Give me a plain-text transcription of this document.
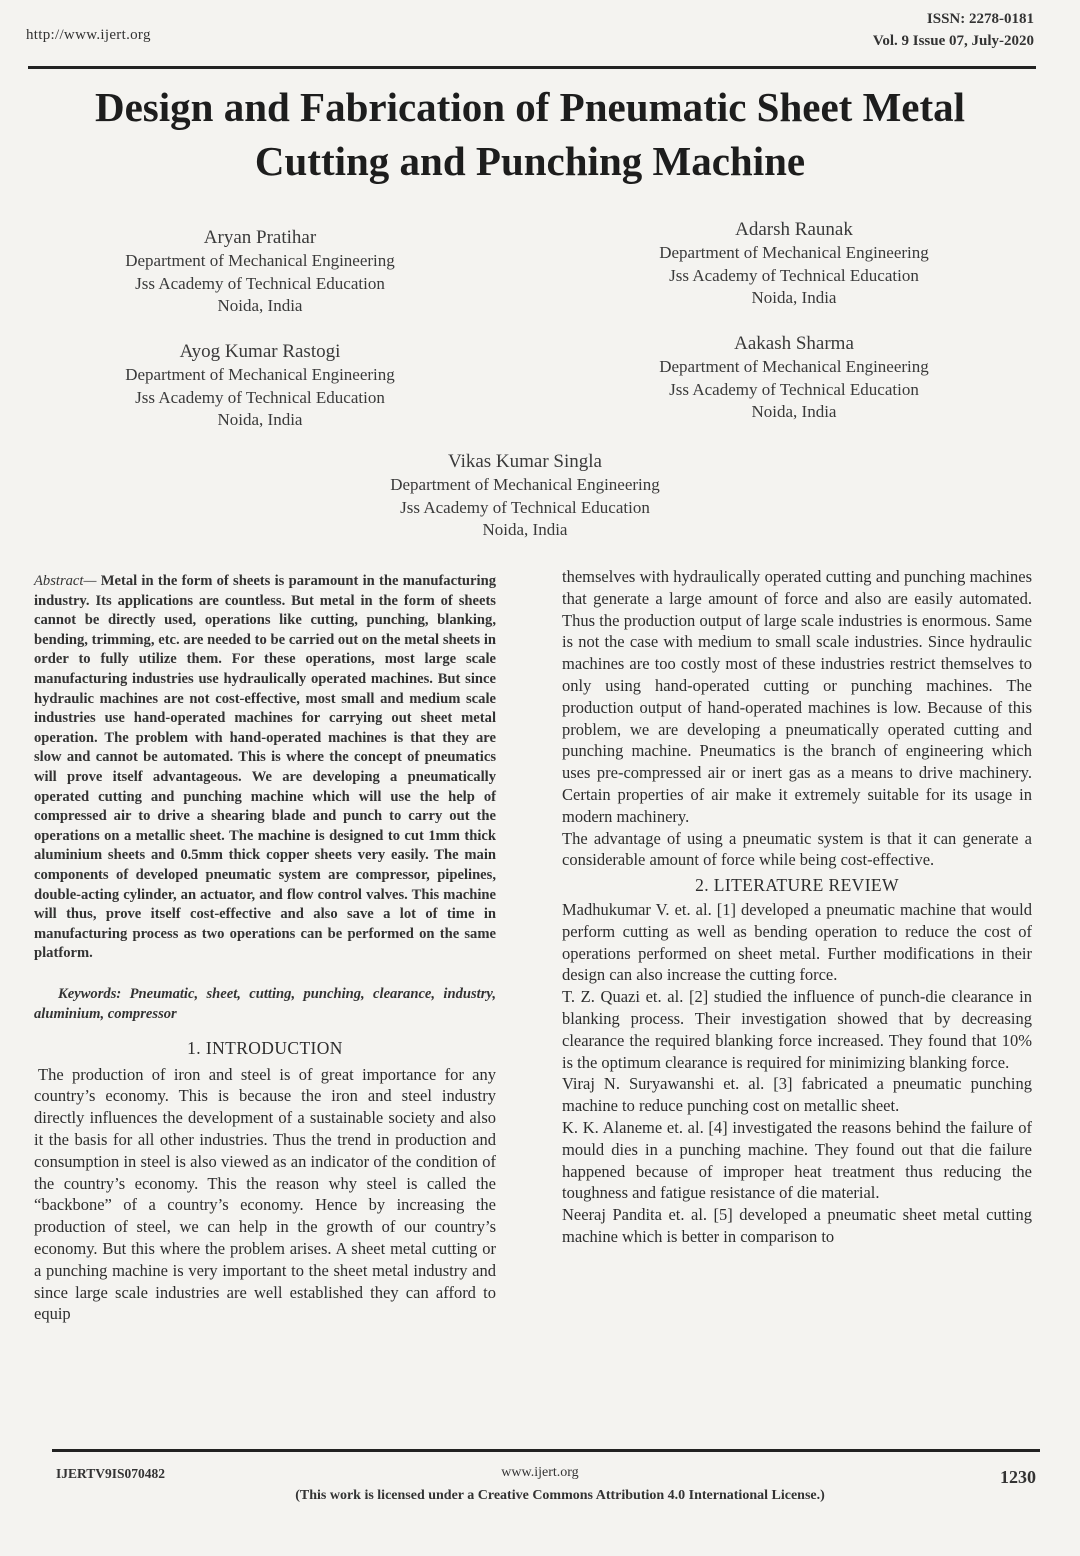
http://www.ijert.org
ISSN: 2278-0181
Vol. 9 Issue 07, July-2020
Design and Fabrication of Pneumatic Sheet Metal
Cutting and Punching Machine
Aryan Pratihar
Department of Mechanical Engineering
Jss Academy of Technical Education
Noida, India
Adarsh Raunak
Department of Mechanical Engineering
Jss Academy of Technical Education
Noida, India
Ayog Kumar Rastogi
Department of Mechanical Engineering
Jss Academy of Technical Education
Noida, India
Aakash Sharma
Department of Mechanical Engineering
Jss Academy of Technical Education
Noida, India
Vikas Kumar Singla
Department of Mechanical Engineering
Jss Academy of Technical Education
Noida, India

Abstract— Metal in the form of sheets is paramount in the manufacturing industry. Its applications are countless. But metal in the form of sheets cannot be directly used, operations like cutting, punching, blanking, bending, trimming, etc. are needed to be carried out on the metal sheets in order to fully utilize them. For these operations, most large scale manufacturing industries use hydraulically operated machines. But since hydraulic machines are not cost-effective, most small and medium scale industries use hand-operated machines for carrying out sheet metal operation. The problem with hand-operated machines is that they are slow and cannot be automated. This is where the concept of pneumatics will prove itself advantageous. We are developing a pneumatically operated cutting and punching machine which will use the help of compressed air to drive a shearing blade and punch to carry out the operations on a metallic sheet. The machine is designed to cut 1mm thick aluminium sheets and 0.5mm thick copper sheets very easily. The main components of developed pneumatic system are compressor, pipelines, double-acting cylinder, an actuator, and flow control valves. This machine will thus, prove itself cost-effective and also save a lot of time in manufacturing process as two operations can be performed on the same platform.

Keywords: Pneumatic, sheet, cutting, punching, clearance, industry, aluminium, compressor

1. INTRODUCTION

The production of iron and steel is of great importance for any country’s economy. This is because the iron and steel industry directly influences the development of a sustainable society and also it the basis for all other industries. Thus the trend in production and consumption in steel is also viewed as an indicator of the condition of the country’s economy. This the reason why steel is called the “backbone” of a country’s economy. Hence by increasing the production of steel, we can help in the growth of our country’s economy. But this where the problem arises. A sheet metal cutting or a punching machine is very important to the sheet metal industry and since large scale industries are well established they can afford to equip

themselves with hydraulically operated cutting and punching machines that generate a large amount of force and also are easily automated. Thus the production output of large scale industries is enormous. Same is not the case with medium to small scale industries. Since hydraulic machines are too costly most of these industries restrict themselves to only using hand-operated cutting or punching machines. The production output of hand-operated machines is low. Because of this problem, we are developing a pneumatically operated cutting and punching machine. Pneumatics is the branch of engineering which uses pre-compressed air or inert gas as a means to drive machinery. Certain properties of air make it extremely suitable for its usage in modern machinery.

The advantage of using a pneumatic system is that it can generate a considerable amount of force while being cost-effective.

2. LITERATURE REVIEW

Madhukumar V. et. al. [1] developed a pneumatic machine that would perform cutting as well as bending operation to reduce the cost of operations performed on sheet metal. Further modifications in their design can also increase the cutting force.

T. Z. Quazi et. al. [2] studied the influence of punch-die clearance in blanking process. Their investigation showed that by decreasing clearance the required blanking force increased. They found that 10% is the optimum clearance is required for minimizing blanking force.

Viraj N. Suryawanshi et. al. [3] fabricated a pneumatic punching machine to reduce punching cost on metallic sheet.

K. K. Alaneme et. al. [4] investigated the reasons behind the failure of mould dies in a punching machine. They found out that die failure happened because of improper heat treatment thus reducing the toughness and fatigue resistance of die material.

Neeraj Pandita et. al. [5] developed a pneumatic sheet metal cutting machine which is better in comparison to

IJERTV9IS070482	www.ijert.org
(This work is licensed under a Creative Commons Attribution 4.0 International License.)
1230
